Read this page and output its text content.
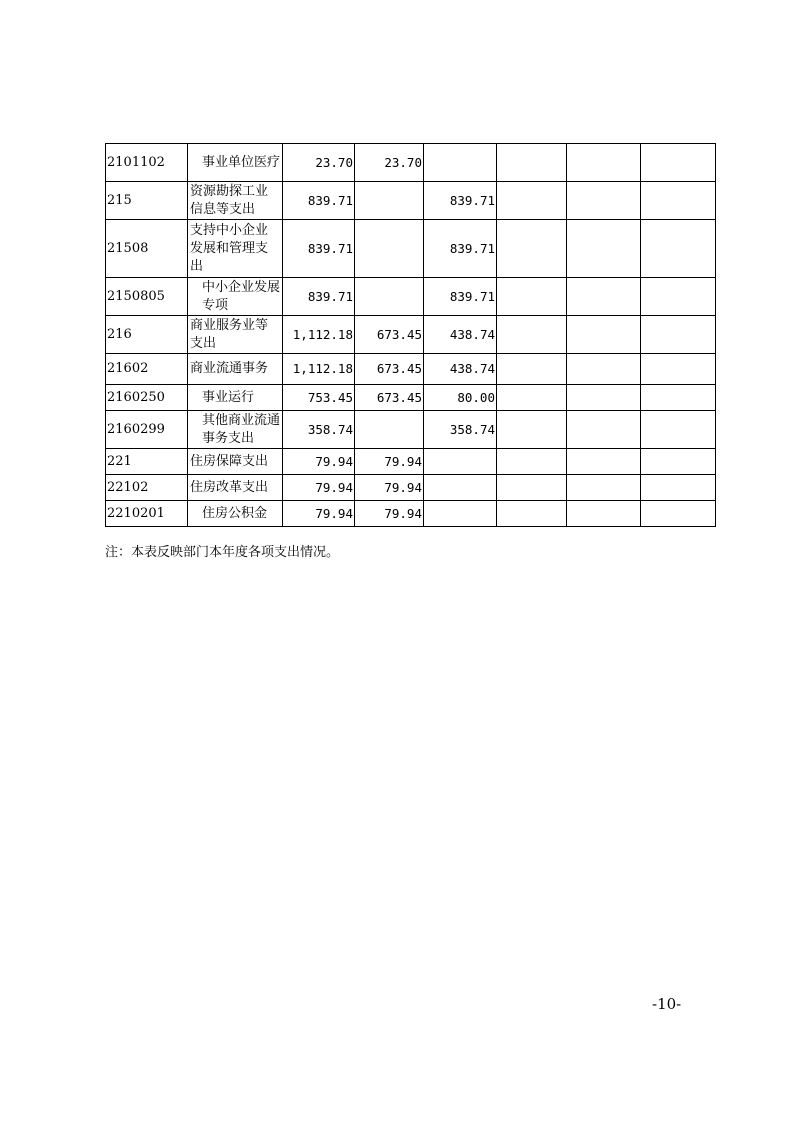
2101102	事业单位医疗	23.70	23.70				
215	资源勘探工业信息等支出	839.71		839.71			
21508	支持中小企业发展和管理支出	839.71		839.71			
2150805	中小企业发展专项	839.71		839.71			
216	商业服务业等支出	1,112.18	673.45	438.74			
21602	商业流通事务	1,112.18	673.45	438.74			
2160250	事业运行	753.45	673.45	80.00			
2160299	其他商业流通事务支出	358.74		358.74			
221	住房保障支出	79.94	79.94				
22102	住房改革支出	79.94	79.94				
2210201	住房公积金	79.94	79.94				
注：本表反映部门本年度各项支出情况。
-10-
